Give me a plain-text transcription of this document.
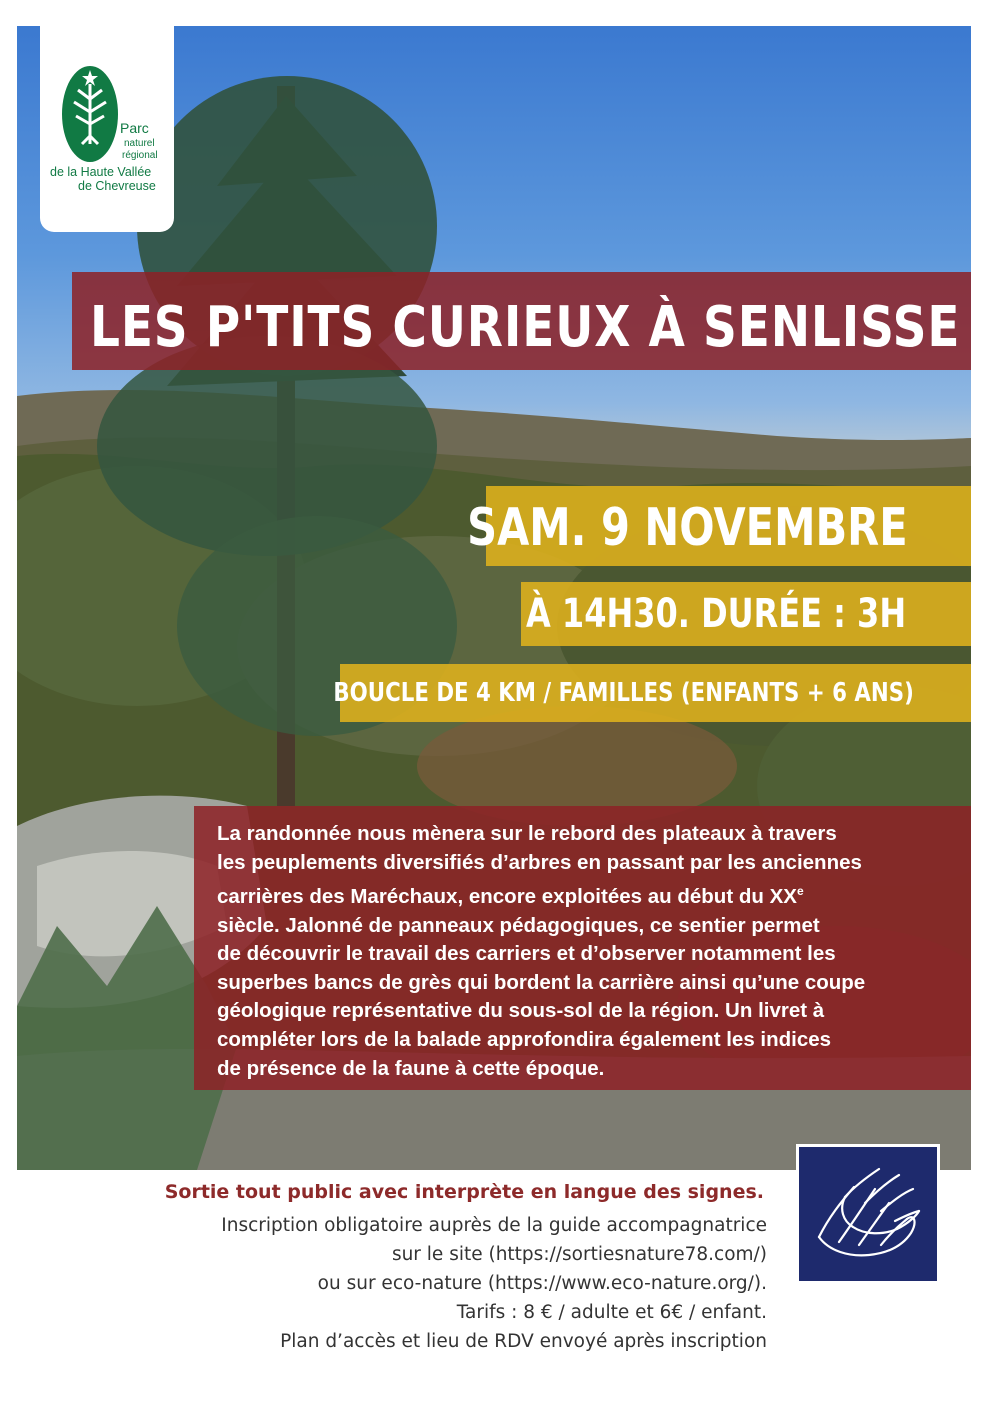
Parc
naturel
régional
de la Haute Vallée
de Chevreuse
LES P'TITS CURIEUX À SENLISSE
SAM. 9 NOVEMBRE
À 14H30. DURÉE : 3H
BOUCLE DE 4 KM / FAMILLES (ENFANTS + 6 ANS)
La randonnée nous mènera sur le rebord des plateaux à travers
les peuplements diversifiés d’arbres en passant par les anciennes
carrières des Maréchaux, encore exploitées au début du XXe
siècle. Jalonné de panneaux pédagogiques, ce sentier permet
de découvrir le travail des carriers et d’observer notamment les
superbes bancs de grès qui bordent la carrière ainsi qu’une coupe
géologique représentative du sous-sol de la région. Un livret à
compléter lors de la balade approfondira également les indices
de présence de la faune à cette époque.
Sortie tout public avec interprète en langue des signes.
Inscription obligatoire auprès de la guide accompagnatrice
sur le site (https://sortiesnature78.com/)
ou sur eco-nature (https://www.eco-nature.org/).
Tarifs : 8 € / adulte et 6€ / enfant.
Plan d’accès et lieu de RDV envoyé après inscription
